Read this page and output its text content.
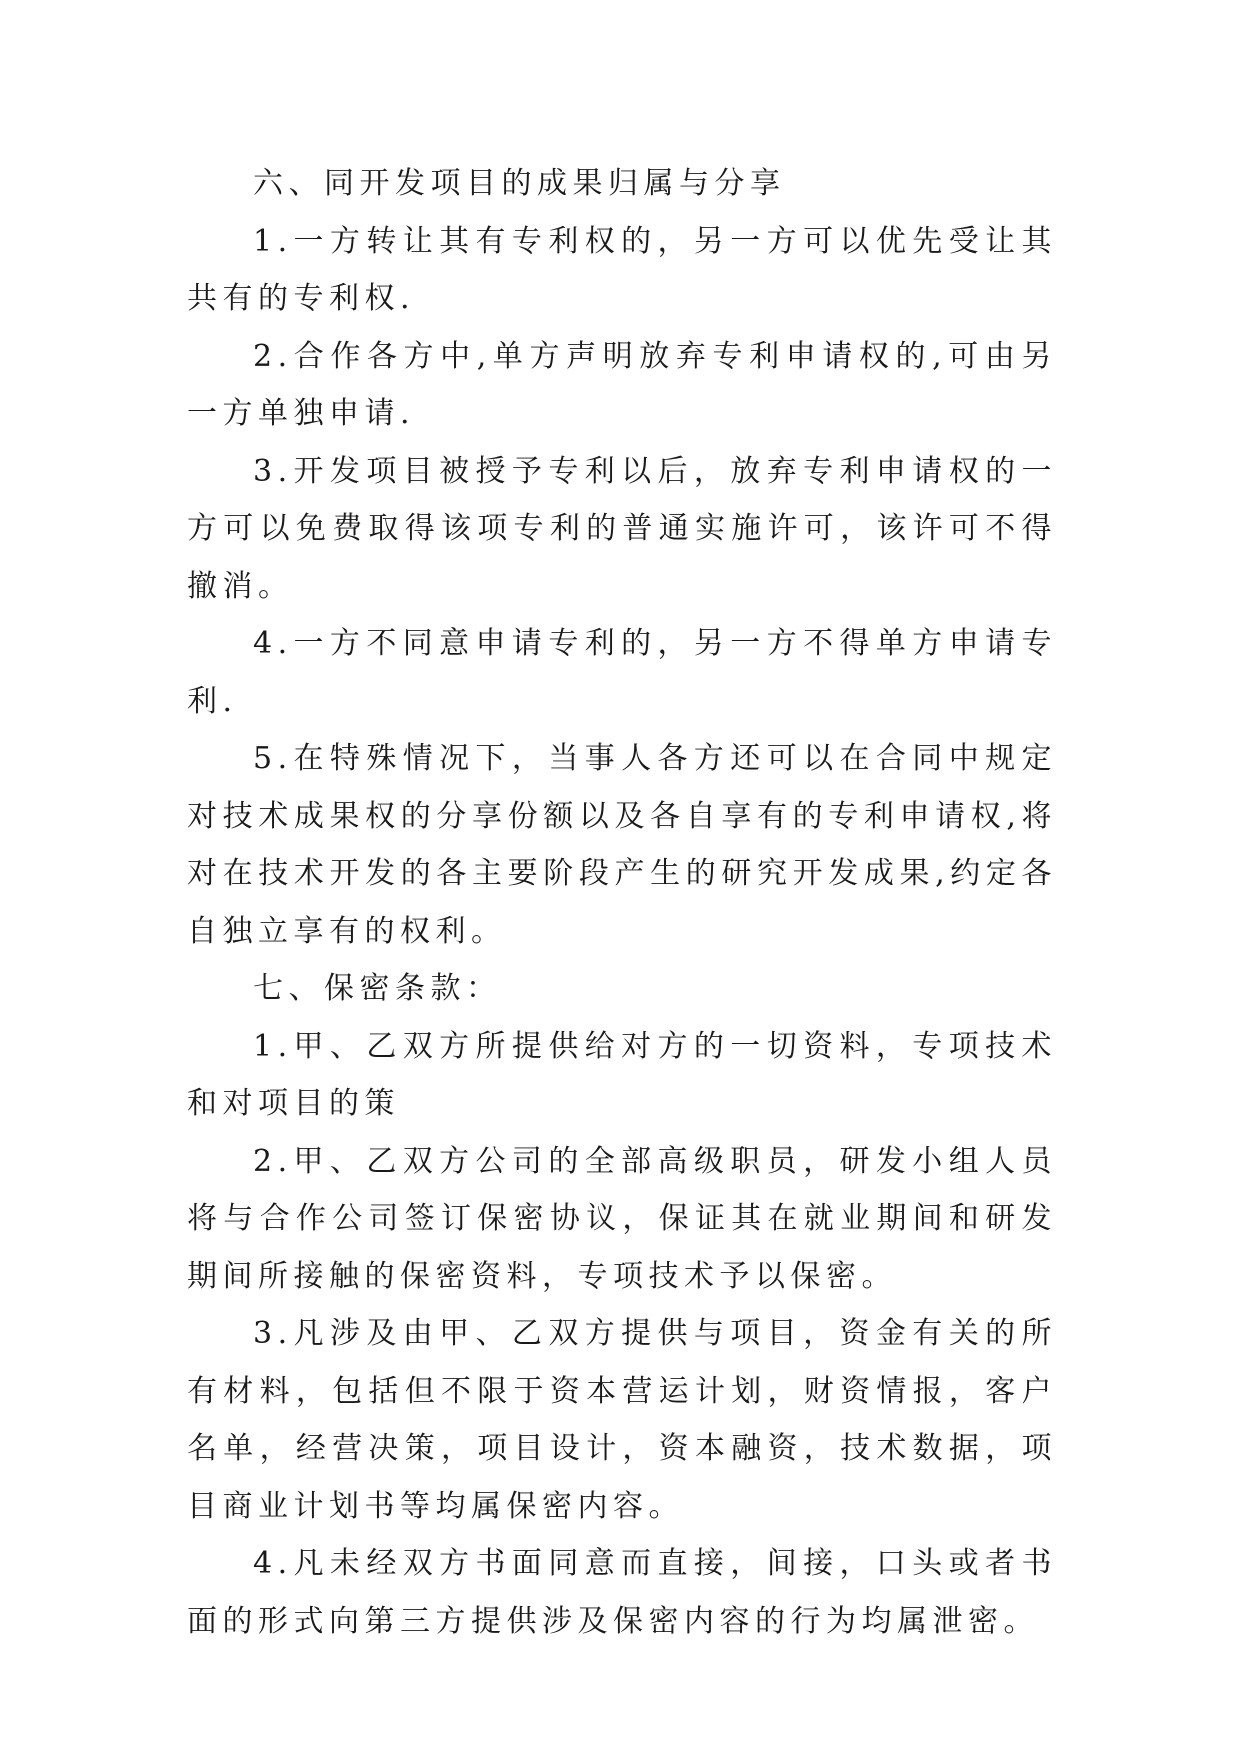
六、同开发项目的成果归属与分享

1.一方转让其有专利权的，另一方可以优先受让其共有的专利权.

2.合作各方中,单方声明放弃专利申请权的,可由另一方单独申请.

3.开发项目被授予专利以后，放弃专利申请权的一方可以免费取得该项专利的普通实施许可，该许可不得撤消。

4.一方不同意申请专利的，另一方不得单方申请专利.

5.在特殊情况下，当事人各方还可以在合同中规定对技术成果权的分享份额以及各自享有的专利申请权,将对在技术开发的各主要阶段产生的研究开发成果,约定各自独立享有的权利。

七、保密条款：

1.甲、乙双方所提供给对方的一切资料，专项技术和对项目的策

2.甲、乙双方公司的全部高级职员，研发小组人员将与合作公司签订保密协议，保证其在就业期间和研发期间所接触的保密资料，专项技术予以保密。

3.凡涉及由甲、乙双方提供与项目，资金有关的所有材料，包括但不限于资本营运计划，财资情报，客户名单，经营决策，项目设计，资本融资，技术数据，项目商业计划书等均属保密内容。

4.凡未经双方书面同意而直接，间接，口头或者书面的形式向第三方提供涉及保密内容的行为均属泄密。
